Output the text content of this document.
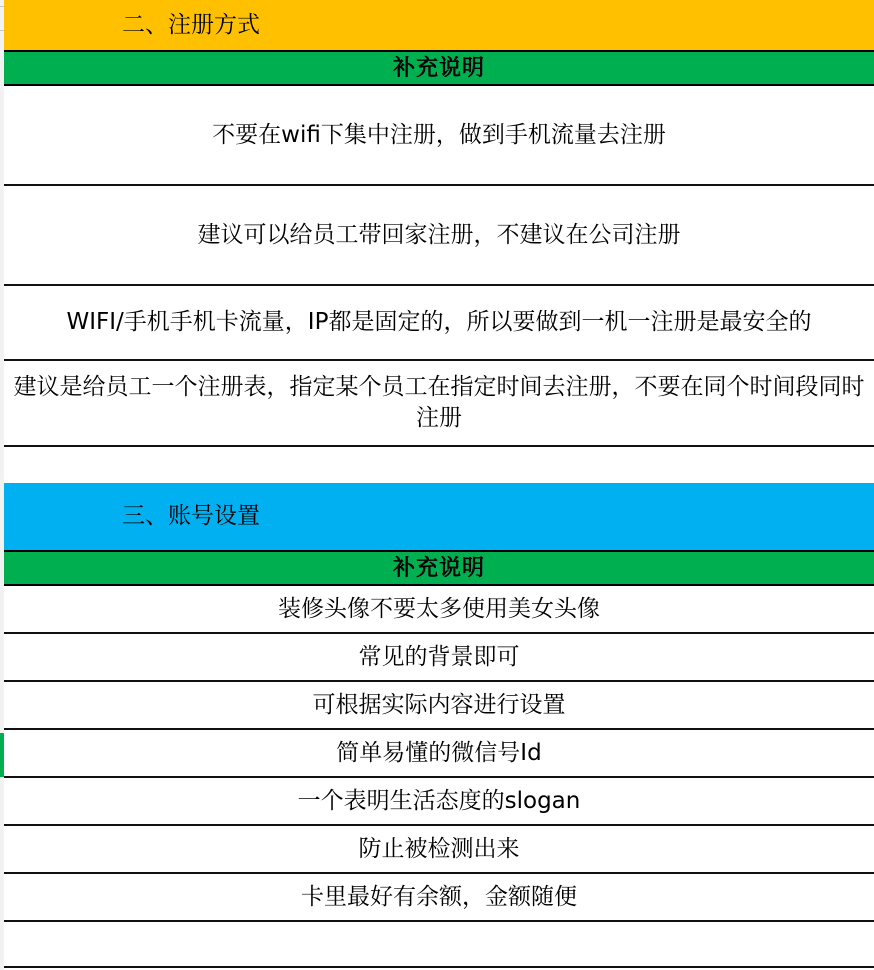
二、注册方式
补充说明
不要在wifi下集中注册，做到手机流量去注册
建议可以给员工带回家注册，不建议在公司注册
WIFI/手机手机卡流量，IP都是固定的，所以要做到一机一注册是最安全的
建议是给员工一个注册表，指定某个员工在指定时间去注册，不要在同个时间段同时注册
三、账号设置
补充说明
装修头像不要太多使用美女头像
常见的背景即可
可根据实际内容进行设置
简单易懂的微信号Id
一个表明生活态度的slogan
防止被检测出来
卡里最好有余额，金额随便
